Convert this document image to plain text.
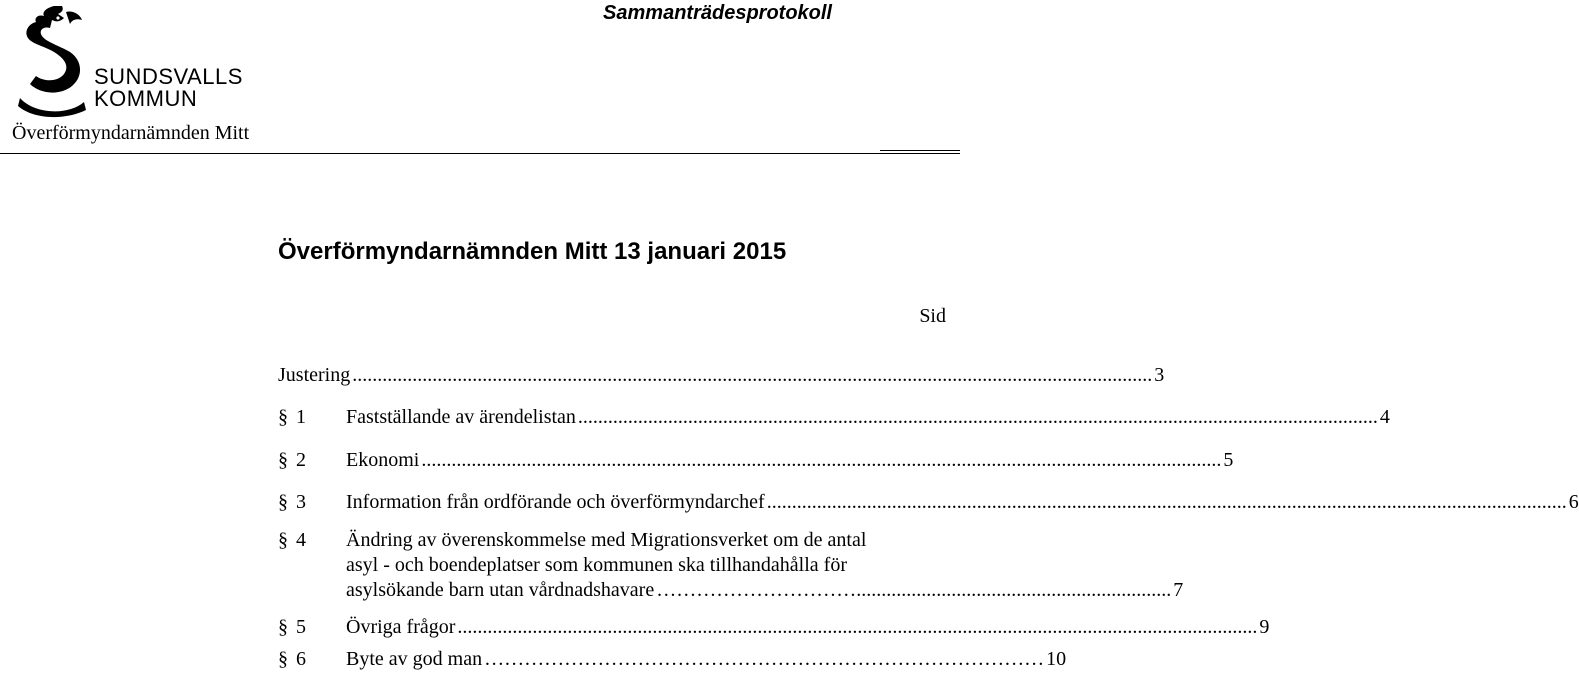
Sammanträdesprotokoll
SUNDSVALLS
KOMMUN
Överförmyndarnämnden Mitt
Överförmyndarnämnden Mitt 13 januari 2015
Sid
Justering ................................................................................................................................................................ 3
§ 1	Fastställande av ärendelistan ................................................................................................................................................................ 4
§ 2	Ekonomi ................................................................................................................................................................ 5
§ 3	Information från ordförande och överförmyndarchef ................................................................................................................................................................ 6
§ 4	Ändring av överenskommelse med Migrationsverket om de antal
asyl - och boendeplatser som kommunen ska tillhandahålla för
asylsökande barn utan vårdnadshavare …………………………............................................................... 7
§ 5	Övriga frågor ................................................................................................................................................................ 9
§ 6	Byte av god man ………………………………………………………………………… 10
